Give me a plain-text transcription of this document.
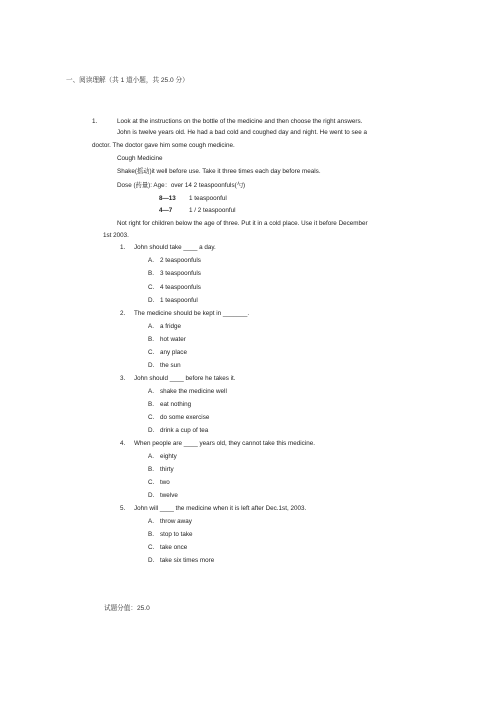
一、阅读理解（共 1 道小题，共 25.0 分）
1.	Look at the instructions on the bottle of the medicine and then choose the right answers.
John is twelve years old. He had a bad cold and coughed day and night. He went to see a
doctor. The doctor gave him some cough medicine.
Cough Medicine
Shake(摇动)it well before use. Take it three times each day before meals.
Dose (药量): Age：over 14 2 teaspoonfuls(勺)
8—13 1 teaspoonful
4—7	1 / 2 teaspoonful
Not right for children below the age of three. Put it in a cold place. Use it before December
1st 2003.
1. John should take ____ a day.
A. 2 teaspoonfuls
B. 3 teaspoonfuls
C. 4 teaspoonfuls
D. 1 teaspoonful
2. The medicine should be kept in _______.
A. a fridge
B. hot water
C. any place
D. the sun
3. John should ____ before he takes it.
A. shake the medicine well
B. eat nothing
C. do some exercise
D. drink a cup of tea
4. When people are ____ years old, they cannot take this medicine.
A. eighty
B. thirty
C. two
D. twelve
5. John will ____ the medicine when it is left after Dec.1st, 2003.
A. throw away
B. stop to take
C. take once
D. take six times more
试题分值：25.0
